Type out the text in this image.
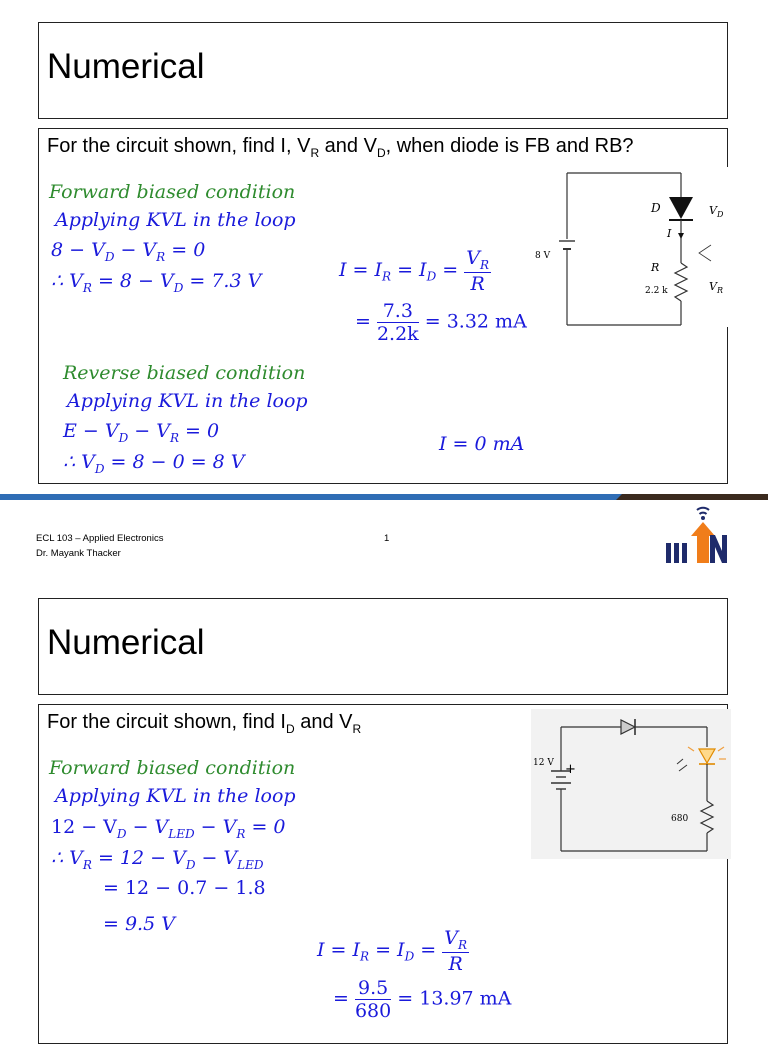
Numerical
For the circuit shown, find I, $V_R$ and $V_D$, when diode is FB and RB?
Forward biased condition
Applying KVL in the loop
$8 - V_D - V_R = 0$
∴ $V_R = 8 - V_D = 7.3$ V
$I = I_R = I_D = \frac{V_R}{R}$
= $\frac{7.3}{2.2k} = 3.32$ mA
Reverse biased condition
Applying KVL in the loop
$E - V_D - V_R = 0$
∴ $V_D = 8 - 0 = 8$ V
I = 0 mA
8 V
D	$V_D$
I
R
2.2 k	$V_R$
ECL 103 – Applied Electronics
Dr. Mayank Thacker
1
Numerical
For the circuit shown, find $I_D$ and $V_R$
Forward biased condition
Applying KVL in the loop
$12 - V_D - V_{LED} - V_R = 0$
∴ $V_R = 12 - V_D - V_{LED}$
= 12 − 0.7 − 1.8
= 9.5 V
$I = I_R = I_D = \frac{V_R}{R}$
= $\frac{9.5}{680} = 13.97$ mA
12 V +
680
